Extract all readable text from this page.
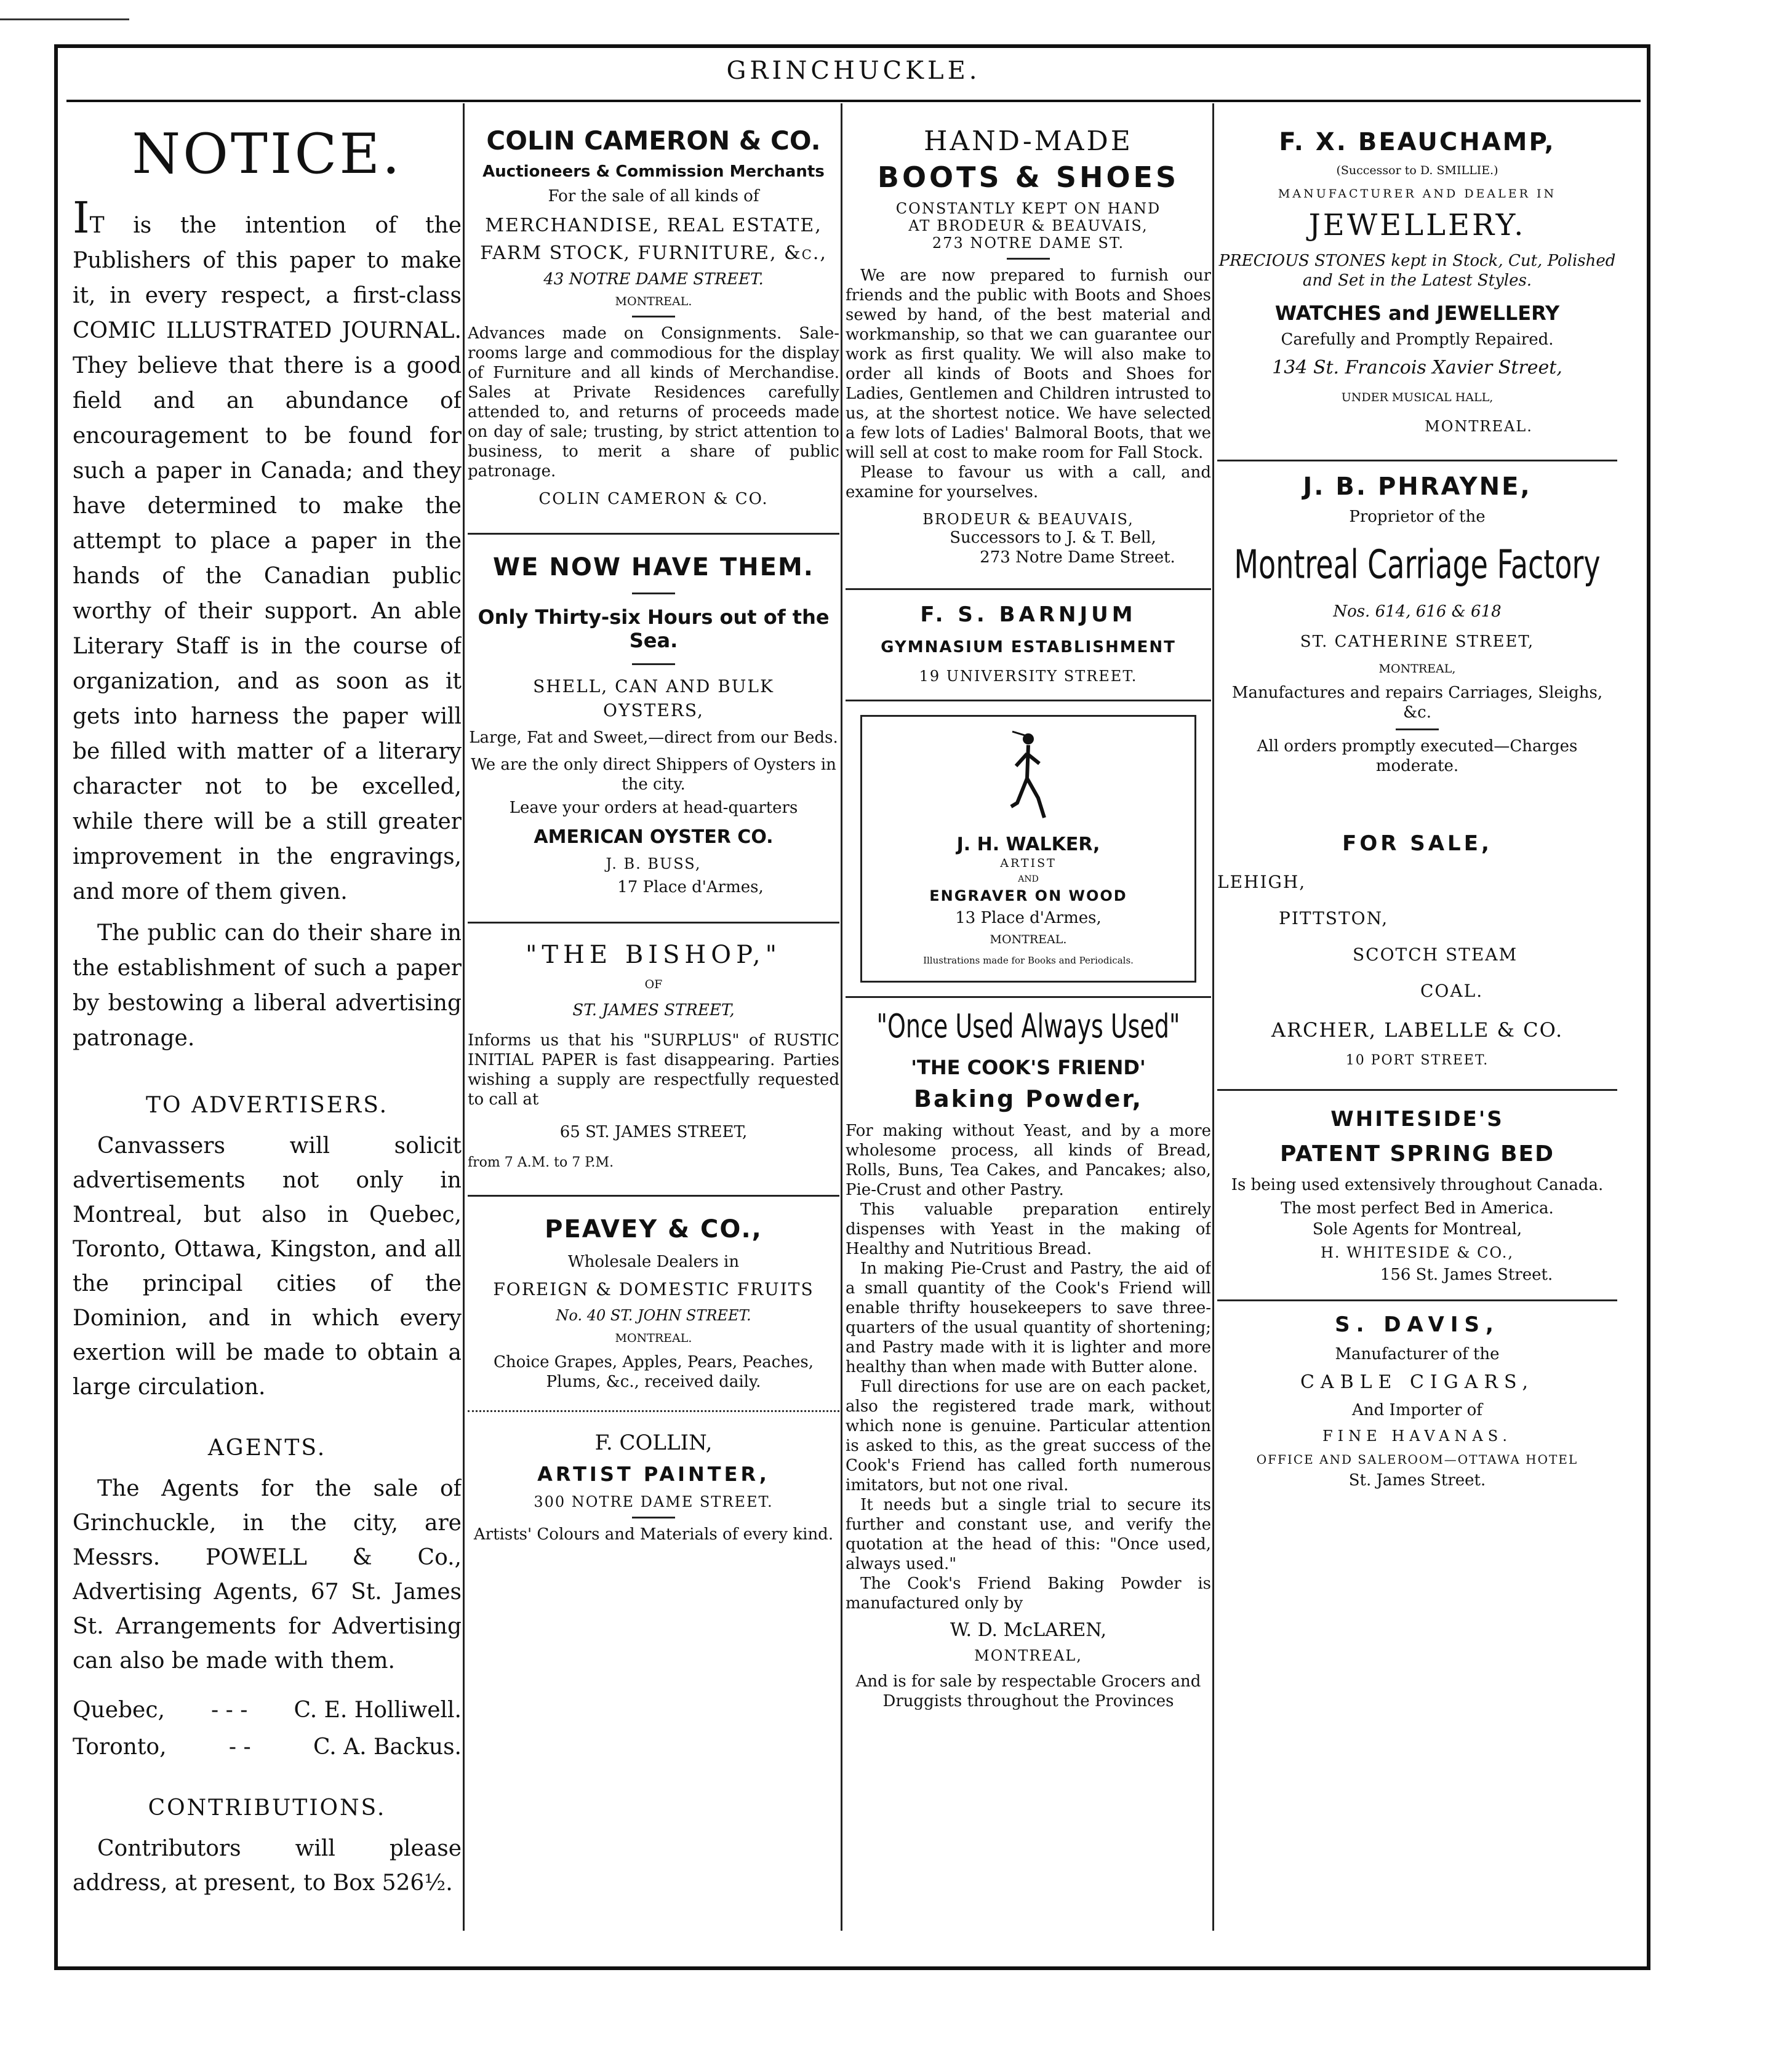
GRINCHUCKLE.
NOTICE.

IT is the intention of the Publishers of this paper to make it, in every respect, a first-class COMIC ILLUSTRATED JOURNAL. They believe that there is a good field and an abundance of encouragement to be found for such a paper in Canada; and they have determined to make the attempt to place a paper in the hands of the Canadian public worthy of their support. An able Literary Staff is in the course of organization, and as soon as it gets into harness the paper will be filled with matter of a literary character not to be excelled, while there will be a still greater improvement in the engravings, and more of them given.

The public can do their share in the establishment of such a paper by bestowing a liberal advertising patronage.

TO ADVERTISERS.

Canvassers will solicit advertisements not only in Montreal, but also in Quebec, Toronto, Ottawa, Kingston, and all the principal cities of the Dominion, and in which every exertion will be made to obtain a large circulation.

AGENTS.

The Agents for the sale of Grinchuckle, in the city, are Messrs. POWELL & Co., Advertising Agents, 67 St. James St. Arrangements for Advertising can also be made with them.

Quebec, - - - C. E. Holliwell.
Toronto,	- -	C. A. Backus.
CONTRIBUTIONS.

Contributors will please address, at present, to Box 526½.

COLIN CAMERON & CO.
Auctioneers & Commission Merchants
For the sale of all kinds of
MERCHANDISE, REAL ESTATE,
FARM STOCK, FURNITURE, &c.,
43 NOTRE DAME STREET.
MONTREAL.

Advances made on Consignments. Sale-rooms large and commodious for the display of Furniture and all kinds of Merchandise. Sales at Private Residences carefully attended to, and returns of proceeds made on day of sale; trusting, by strict attention to business, to merit a share of public patronage.

COLIN CAMERON & CO.
WE NOW HAVE THEM.
Only Thirty-six Hours out of the Sea.
SHELL, CAN AND BULK
OYSTERS,
Large, Fat and Sweet,—direct from our Beds.
We are the only direct Shippers of Oysters in the city.
Leave your orders at head-quarters
AMERICAN OYSTER CO.
J. B. BUSS,
17 Place d'Armes,
"THE BISHOP,"
OF
ST. JAMES STREET,

Informs us that his "SURPLUS" of RUSTIC INITIAL PAPER is fast disappearing. Parties wishing a supply are respectfully requested to call at

65 ST. JAMES STREET,
from 7 A.M. to 7 P.M.
PEAVEY & CO.,
Wholesale Dealers in
FOREIGN & DOMESTIC FRUITS
No. 40 ST. JOHN STREET.
MONTREAL.
Choice Grapes, Apples, Pears, Peaches, Plums, &c., received daily.
F. COLLIN,
ARTIST PAINTER,
300 NOTRE DAME STREET.
Artists' Colours and Materials of every kind.
HAND-MADE
BOOTS & SHOES
CONSTANTLY KEPT ON HAND
AT BRODEUR & BEAUVAIS,
273 NOTRE DAME ST.

We are now prepared to furnish our friends and the public with Boots and Shoes sewed by hand, of the best material and workmanship, so that we can guarantee our work as first quality. We will also make to order all kinds of Boots and Shoes for Ladies, Gentlemen and Children intrusted to us, at the shortest notice. We have selected a few lots of Ladies' Balmoral Boots, that we will sell at cost to make room for Fall Stock.

Please to favour us with a call, and examine for yourselves.

BRODEUR & BEAUVAIS,
Successors to J. & T. Bell,
273 Notre Dame Street.
F. S. BARNJUM
GYMNASIUM ESTABLISHMENT
19 UNIVERSITY STREET.
J. H. WALKER,
ARTIST
AND
ENGRAVER ON WOOD
13 Place d'Armes,
MONTREAL.
Illustrations made for Books and Periodicals.
"Once Used Always Used"
'THE COOK'S FRIEND'
Baking Powder,

For making without Yeast, and by a more wholesome process, all kinds of Bread, Rolls, Buns, Tea Cakes, and Pancakes; also, Pie-Crust and other Pastry.

This valuable preparation entirely dispenses with Yeast in the making of Healthy and Nutritious Bread.

In making Pie-Crust and Pastry, the aid of a small quantity of the Cook's Friend will enable thrifty housekeepers to save three-quarters of the usual quantity of shortening; and Pastry made with it is lighter and more healthy than when made with Butter alone.

Full directions for use are on each packet, also the registered trade mark, without which none is genuine. Particular attention is asked to this, as the great success of the Cook's Friend has called forth numerous imitators, but not one rival.

It needs but a single trial to secure its further and constant use, and verify the quotation at the head of this: "Once used, always used."

The Cook's Friend Baking Powder is manufactured only by

W. D. McLAREN,
MONTREAL,
And is for sale by respectable Grocers and Druggists throughout the Provinces
F. X. BEAUCHAMP,
(Successor to D. SMILLIE.)
MANUFACTURER AND DEALER IN
JEWELLERY.
PRECIOUS STONES kept in Stock, Cut, Polished and Set in the Latest Styles.
WATCHES and JEWELLERY
Carefully and Promptly Repaired.
134 St. Francois Xavier Street,
UNDER MUSICAL HALL,
MONTREAL.
J. B. PHRAYNE,
Proprietor of the
Montreal Carriage Factory
Nos. 614, 616 & 618
ST. CATHERINE STREET,
MONTREAL,
Manufactures and repairs Carriages, Sleighs, &c.
All orders promptly executed—Charges moderate.
FOR SALE,
LEHIGH,
PITTSTON,
SCOTCH STEAM
COAL.
ARCHER, LABELLE & CO.
10 PORT STREET.
WHITESIDE'S
PATENT SPRING BED
Is being used extensively throughout Canada.
The most perfect Bed in America.
Sole Agents for Montreal,
H. WHITESIDE & CO.,
156 St. James Street.
S. DAVIS,
Manufacturer of the
CABLE CIGARS,
And Importer of
FINE HAVANAS.
OFFICE AND SALEROOM—OTTAWA HOTEL
St. James Street.
